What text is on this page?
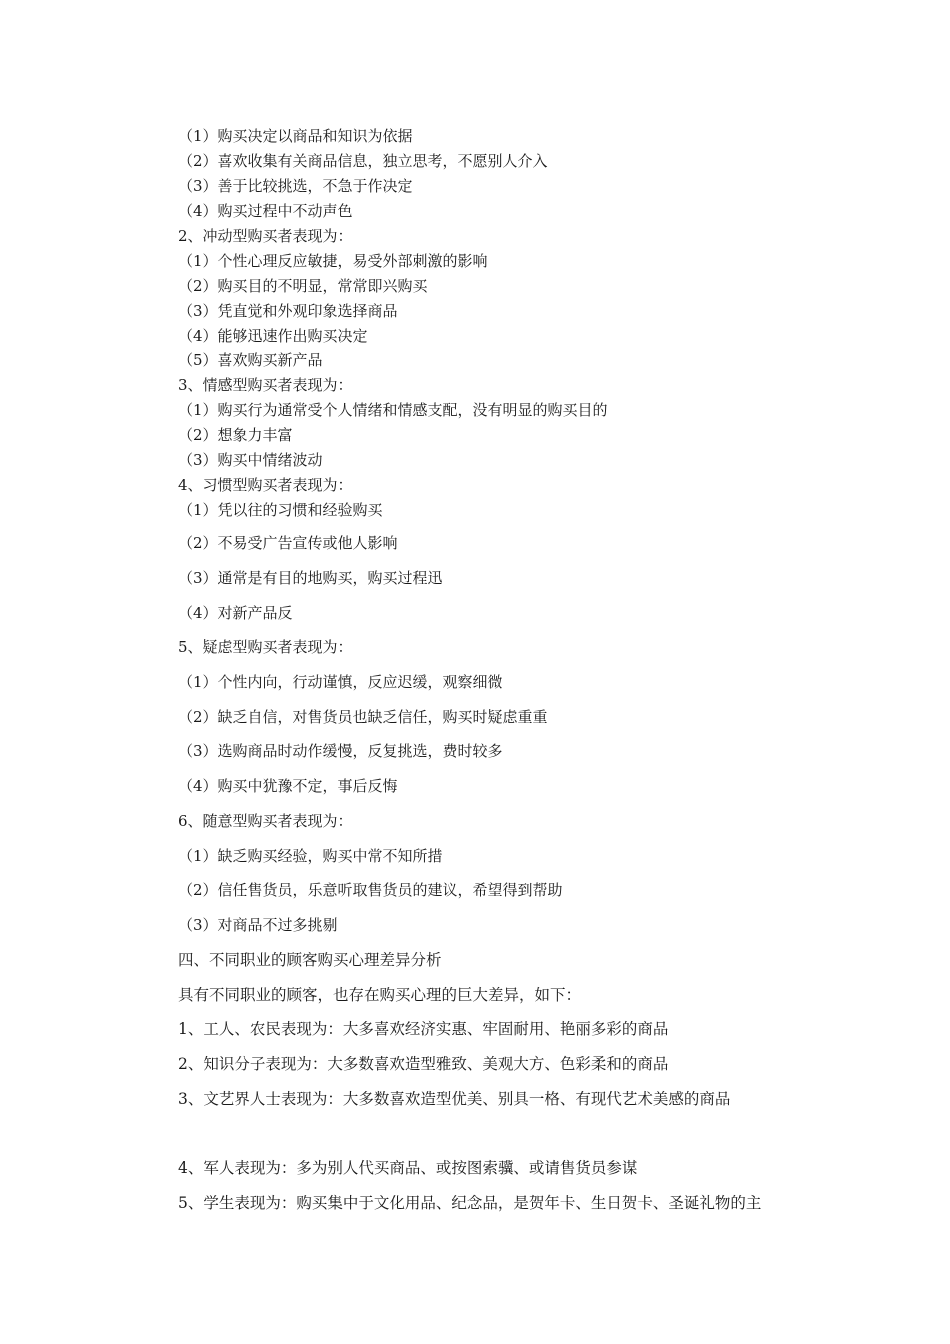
（1）购买决定以商品和知识为依据
（2）喜欢收集有关商品信息，独立思考，不愿别人介入
（3）善于比较挑选，不急于作决定
（4）购买过程中不动声色
2、冲动型购买者表现为：
（1）个性心理反应敏捷，易受外部刺激的影响
（2）购买目的不明显，常常即兴购买
（3）凭直觉和外观印象选择商品
（4）能够迅速作出购买决定
（5）喜欢购买新产品
3、情感型购买者表现为：
（1）购买行为通常受个人情绪和情感支配，没有明显的购买目的
（2）想象力丰富
（3）购买中情绪波动
4、习惯型购买者表现为：
（1）凭以往的习惯和经验购买
（2）不易受广告宣传或他人影响
（3）通常是有目的地购买，购买过程迅
（4）对新产品反
5、疑虑型购买者表现为：
（1）个性内向，行动谨慎，反应迟缓，观察细微
（2）缺乏自信，对售货员也缺乏信任，购买时疑虑重重
（3）选购商品时动作缓慢，反复挑选，费时较多
（4）购买中犹豫不定，事后反悔
6、随意型购买者表现为：
（1）缺乏购买经验，购买中常不知所措
（2）信任售货员，乐意听取售货员的建议，希望得到帮助
（3）对商品不过多挑剔
四、不同职业的顾客购买心理差异分析
具有不同职业的顾客，也存在购买心理的巨大差异，如下：
1、工人、农民表现为：大多喜欢经济实惠、牢固耐用、艳丽多彩的商品
2、知识分子表现为：大多数喜欢造型雅致、美观大方、色彩柔和的商品
3、文艺界人士表现为：大多数喜欢造型优美、别具一格、有现代艺术美感的商品
4、军人表现为：多为别人代买商品、或按图索骥、或请售货员参谋
5、学生表现为：购买集中于文化用品、纪念品，是贺年卡、生日贺卡、圣诞礼物的主
